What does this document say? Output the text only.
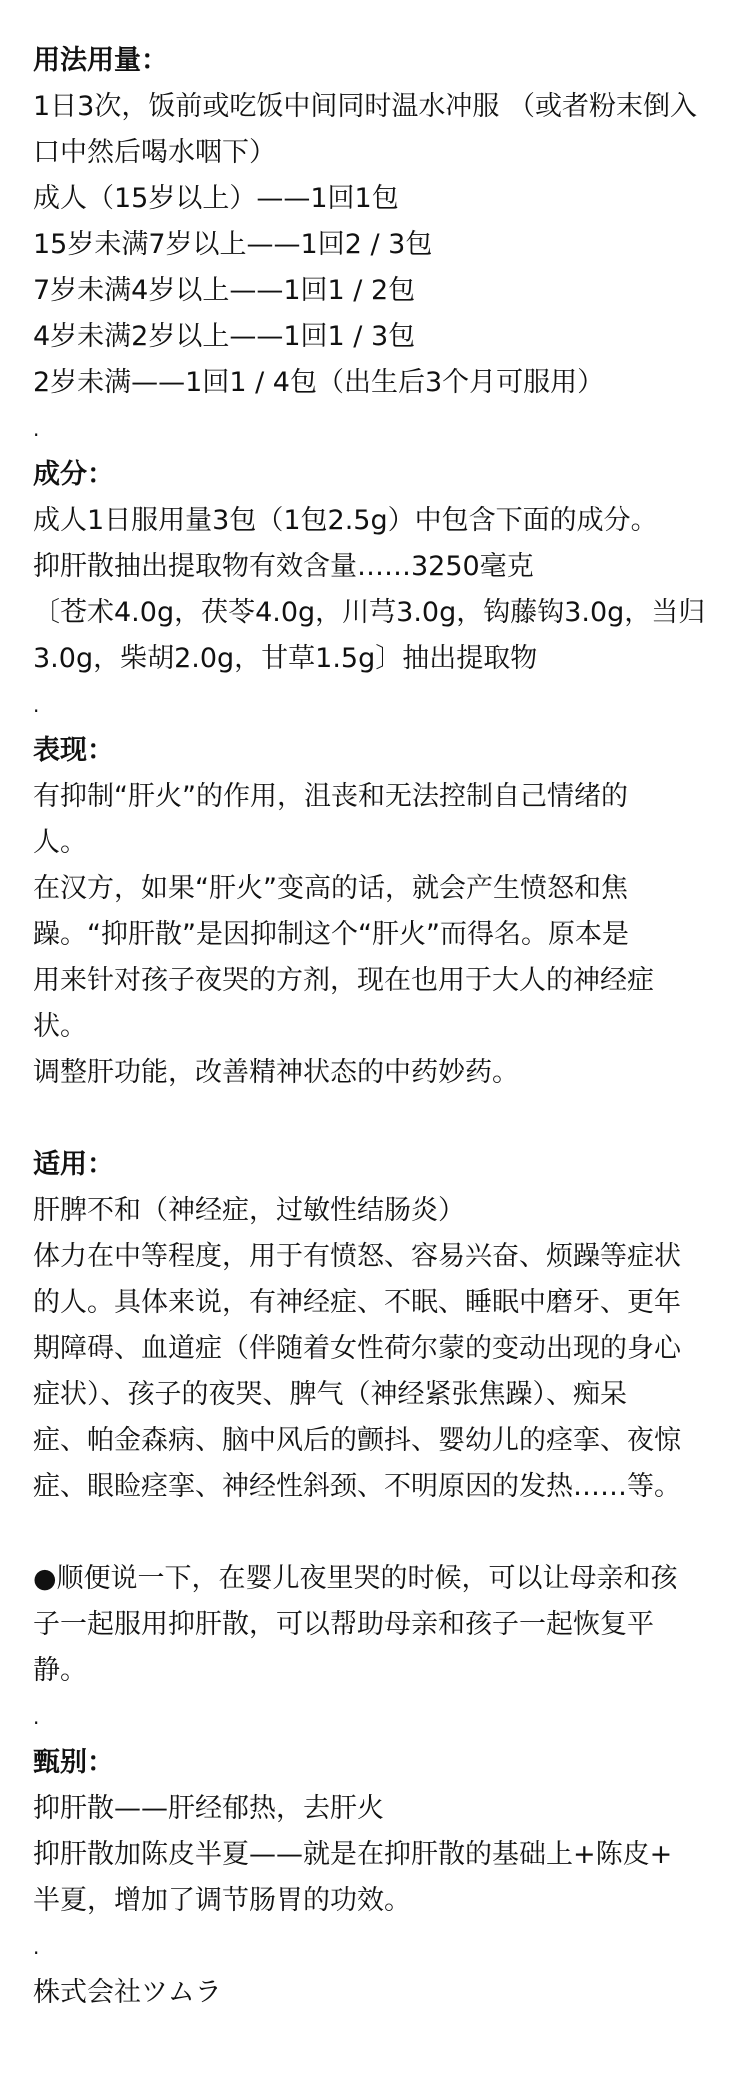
用法用量：
1日3次，饭前或吃饭中间同时温水冲服 （或者粉末倒入
口中然后喝水咽下）
成人（15岁以上）——1回1包
15岁未满7岁以上——1回2 / 3包
7岁未满4岁以上——1回1 / 2包
4岁未满2岁以上——1回1 / 3包
2岁未满——1回1 / 4包（出生后3个月可服用）
.
成分：
成人1日服用量3包（1包2.5g）中包含下面的成分。
抑肝散抽出提取物有效含量……3250毫克
〔苍术4.0g，茯苓4.0g，川芎3.0g，钩藤钩3.0g，当归
3.0g，柴胡2.0g，甘草1.5g〕抽出提取物
.
表现：
有抑制“肝火”的作用，沮丧和无法控制自己情绪的
人。
在汉方，如果“肝火”变高的话，就会产生愤怒和焦
躁。“抑肝散”是因抑制这个“肝火”而得名。原本是
用来针对孩子夜哭的方剂，现在也用于大人的神经症
状。
调整肝功能，改善精神状态的中药妙药。
适用：
肝脾不和（神经症，过敏性结肠炎）
体力在中等程度，用于有愤怒、容易兴奋、烦躁等症状
的人。具体来说，有神经症、不眠、睡眠中磨牙、更年
期障碍、血道症（伴随着女性荷尔蒙的变动出现的身心
症状）、孩子的夜哭、脾气（神经紧张焦躁）、痴呆
症、帕金森病、脑中风后的颤抖、婴幼儿的痉挛、夜惊
症、眼睑痉挛、神经性斜颈、不明原因的发热……等。
●顺便说一下，在婴儿夜里哭的时候，可以让母亲和孩
子一起服用抑肝散，可以帮助母亲和孩子一起恢复平
静。
.
甄别：
抑肝散——肝经郁热，去肝火
抑肝散加陈皮半夏——就是在抑肝散的基础上+陈皮+
半夏，增加了调节肠胃的功效。
.
株式会社ツムラ
